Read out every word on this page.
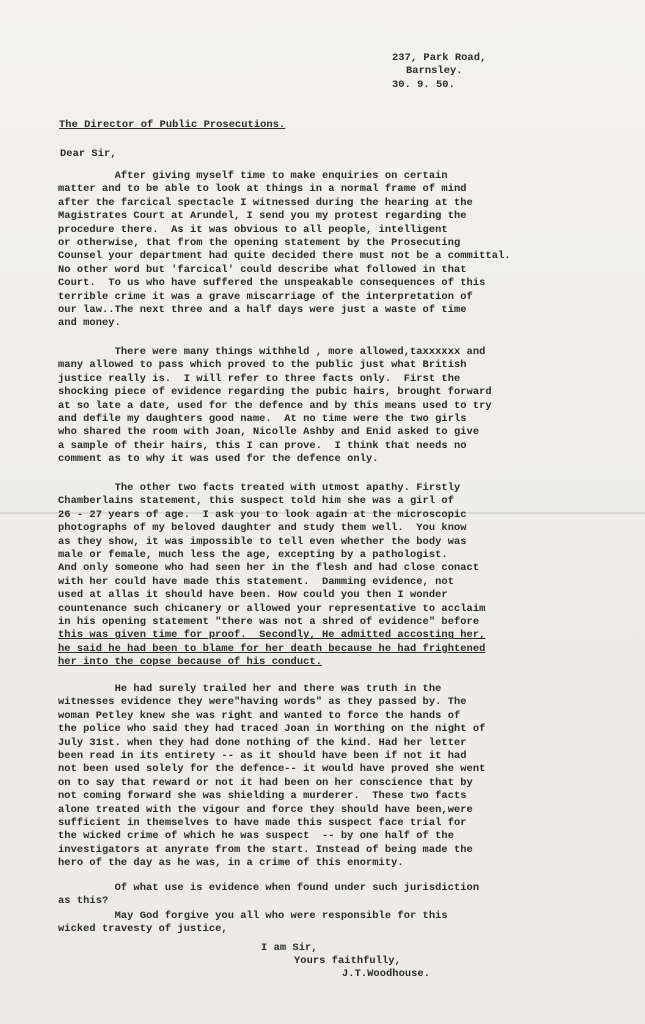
237, Park Road,
Barnsley.
30. 9. 50.
The Director of Public Prosecutions.
Dear Sir,
After giving myself time to make enquiries on certain
matter and to be able to look at things in a normal frame of mind
after the farcical spectacle I witnessed during the hearing at the
Magistrates Court at Arundel, I send you my protest regarding the
procedure there.  As it was obvious to all people, intelligent
or otherwise, that from the opening statement by the Prosecuting
Counsel your department had quite decided there must not be a committal.
No other word but 'farcical' could describe what followed in that
Court.  To us who have suffered the unspeakable consequences of this
terrible crime it was a grave miscarriage of the interpretation of
our law..The next three and a half days were just a waste of time
and money.
There were many things withheld , more allowed,taxxxxxx and
many allowed to pass which proved to the public just what British
justice really is.  I will refer to three facts only.  First the
shocking piece of evidence regarding the pubic hairs, brought forward
at so late a date, used for the defence and by this means used to try
and defile my daughters good name.  At no time were the two girls
who shared the room with Joan, Nicolle Ashby and Enid asked to give
a sample of their hairs, this I can prove.  I think that needs no
comment as to why it was used for the defence only.
The other two facts treated with utmost apathy. Firstly
Chamberlains statement, this suspect told him she was a girl of
26 - 27 years of age.  I ask you to look again at the microscopic
photographs of my beloved daughter and study them well.  You know
as they show, it was impossible to tell even whether the body was
male or female, much less the age, excepting by a pathologist.
And only someone who had seen her in the flesh and had close conact
with her could have made this statement.  Damming evidence, not
used at allas it should have been. How could you then I wonder
countenance such chicanery or allowed your representative to acclaim
in his opening statement "there was not a shred of evidence" before
this was given time for proof.  Secondly, He admitted accosting her,
he said he had been to blame for her death because he had frightened
her into the copse because of his conduct.
He had surely trailed her and there was truth in the
witnesses evidence they were"having words" as they passed by. The
woman Petley knew she was right and wanted to force the hands of
the police who said they had traced Joan in Worthing on the night of
July 31st. when they had done nothing of the kind. Had her letter
been read in its entirety -- as it should have been if not it had
not been used solely for the defence-- it would have proved she went
on to say that reward or not it had been on her conscience that by
not coming forward she was shielding a murderer.  These two facts
alone treated with the vigour and force they should have been,were
sufficient in themselves to have made this suspect face trial for
the wicked crime of which he was suspect  -- by one half of the
investigators at anyrate from the start. Instead of being made the
hero of the day as he was, in a crime of this enormity.
Of what use is evidence when found under such jurisdiction
as this?
May God forgive you all who were responsible for this
wicked travesty of justice,
I am Sir,
Yours faithfully,
J.T.Woodhouse.
